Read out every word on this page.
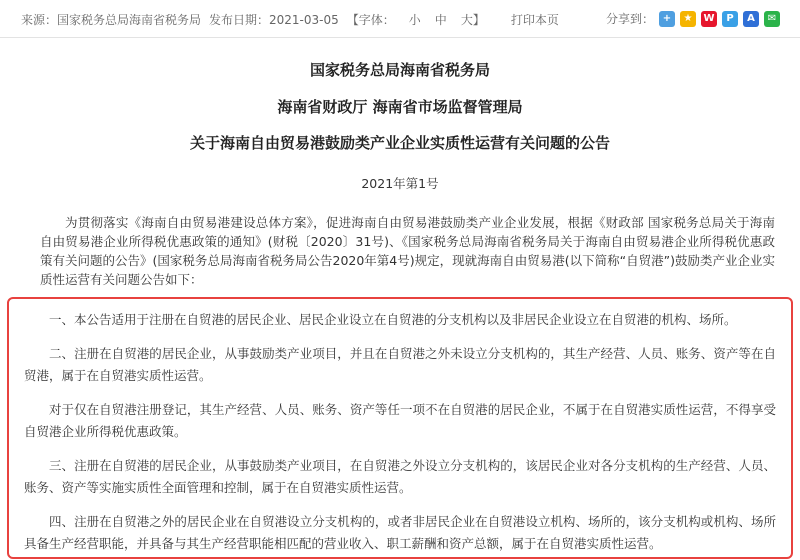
来源：国家税务总局海南省税务局 发布日期：2021-03-05 【字体： 小 中 大 】 打印本页	分享到： +	★	W	P	A	✉
国家税务总局海南省税务局
海南省财政厅 海南省市场监督管理局
关于海南自由贸易港鼓励类产业企业实质性运营有关问题的公告
2021年第1号
为贯彻落实《海南自由贸易港建设总体方案》，促进海南自由贸易港鼓励类产业企业发展，根据《财政部 国家税务总局关于海南自由贸易港企业所得税优惠政策的通知》(财税〔2020〕31号)、《国家税务总局海南省税务局关于海南自由贸易港企业所得税优惠政策有关问题的公告》(国家税务总局海南省税务局公告2020年第4号)规定，现就海南自由贸易港(以下简称“自贸港”)鼓励类产业企业实质性运营有关问题公告如下：
一、本公告适用于注册在自贸港的居民企业、居民企业设立在自贸港的分支机构以及非居民企业设立在自贸港的机构、场所。
二、注册在自贸港的居民企业，从事鼓励类产业项目，并且在自贸港之外未设立分支机构的，其生产经营、人员、账务、资产等在自贸港，属于在自贸港实质性运营。
对于仅在自贸港注册登记，其生产经营、人员、账务、资产等任一项不在自贸港的居民企业，不属于在自贸港实质性运营，不得享受自贸港企业所得税优惠政策。
三、注册在自贸港的居民企业，从事鼓励类产业项目，在自贸港之外设立分支机构的，该居民企业对各分支机构的生产经营、人员、账务、资产等实施实质性全面管理和控制，属于在自贸港实质性运营。
四、注册在自贸港之外的居民企业在自贸港设立分支机构的，或者非居民企业在自贸港设立机构、场所的，该分支机构或机构、场所具备生产经营职能，并具备与其生产经营职能相匹配的营业收入、职工薪酬和资产总额，属于在自贸港实质性运营。
